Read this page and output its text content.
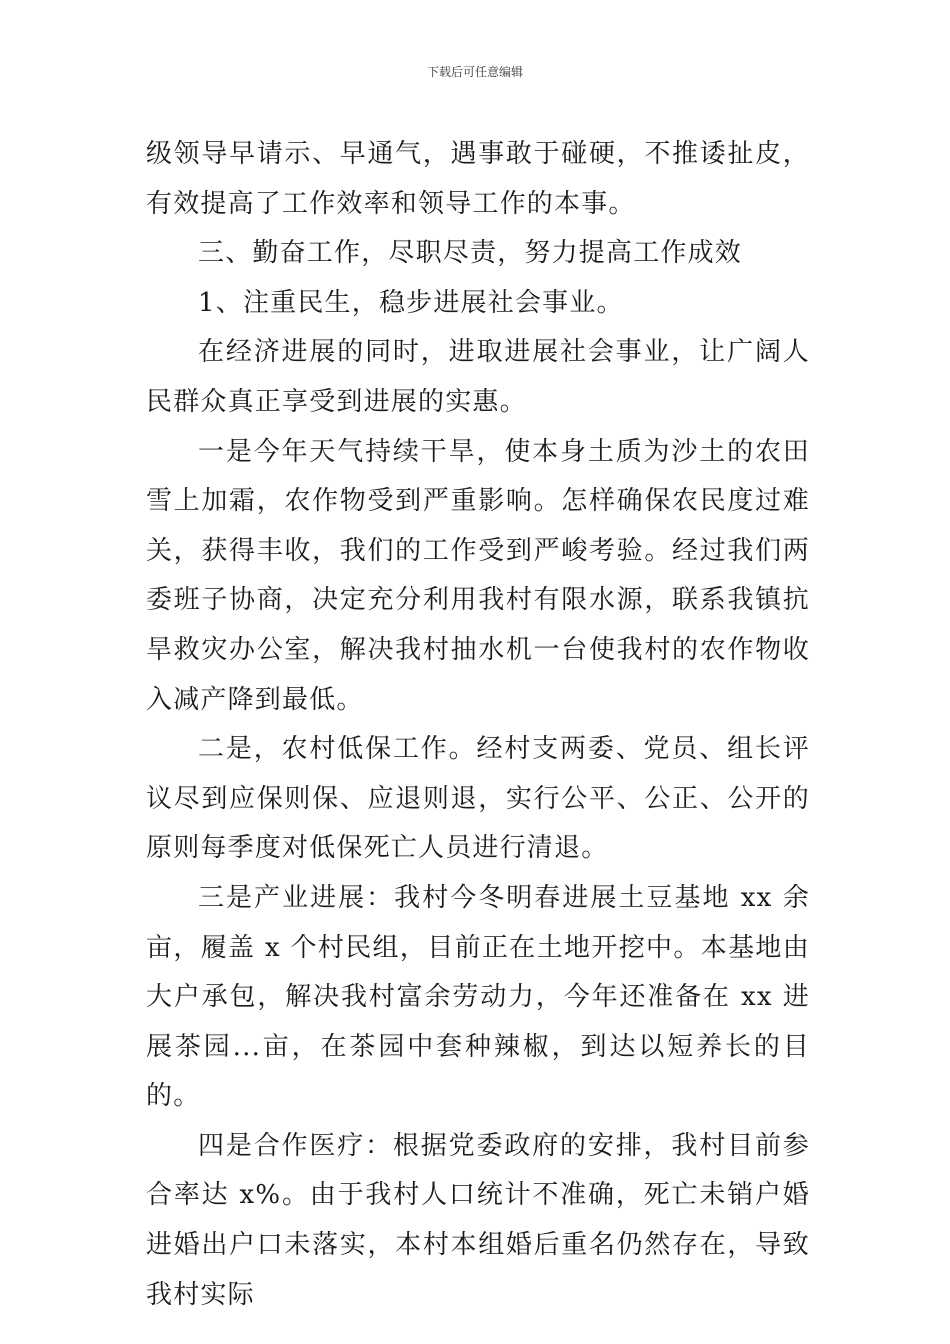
下载后可任意编辑

级领导早请示、早通气，遇事敢于碰硬，不推诿扯皮，有效提高了工作效率和领导工作的本事。

三、勤奋工作，尽职尽责，努力提高工作成效

1、注重民生，稳步进展社会事业。

在经济进展的同时，进取进展社会事业，让广阔人民群众真正享受到进展的实惠。

一是今年天气持续干旱，使本身土质为沙土的农田雪上加霜，农作物受到严重影响。怎样确保农民度过难关，获得丰收，我们的工作受到严峻考验。经过我们两委班子协商，决定充分利用我村有限水源，联系我镇抗旱救灾办公室，解决我村抽水机一台使我村的农作物收入减产降到最低。

二是，农村低保工作。经村支两委、党员、组长评议尽到应保则保、应退则退，实行公平、公正、公开的原则每季度对低保死亡人员进行清退。

三是产业进展：我村今冬明春进展土豆基地 xx 余亩，履盖 x 个村民组，目前正在土地开挖中。本基地由大户承包，解决我村富余劳动力，今年还准备在 xx 进展茶园...亩，在茶园中套种辣椒，到达以短养长的目的。

四是合作医疗：根据党委政府的安排，我村目前参合率达 x%。由于我村人口统计不准确，死亡未销户婚进婚出户口未落实，本村本组婚后重名仍然存在，导致我村实际
